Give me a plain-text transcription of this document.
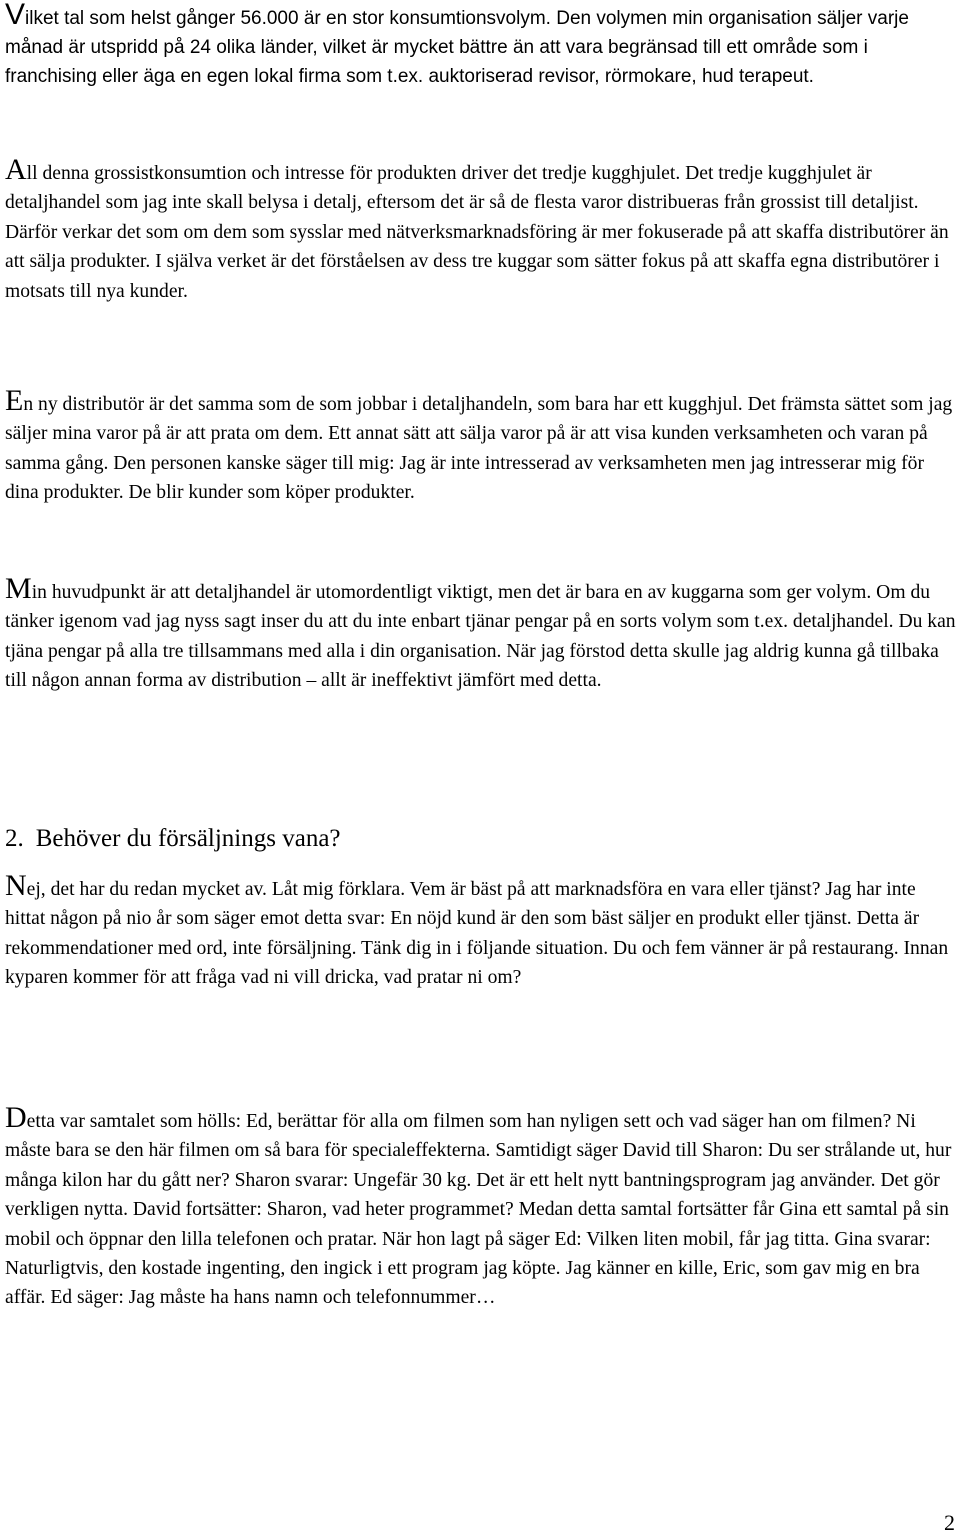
Vilket tal som helst gånger 56.000 är en stor konsumtionsvolym. Den volymen min organisation säljer varje månad är utspridd på 24 olika länder, vilket är mycket bättre än att vara begränsad till ett område som i franchising eller äga en egen lokal firma som t.ex. auktoriserad revisor, rörmokare, hud terapeut.

All denna grossistkonsumtion och intresse för produkten driver det tredje kugghjulet. Det tredje kugghjulet är detaljhandel som jag inte skall belysa i detalj, eftersom det är så de flesta varor distribueras från grossist till detaljist. Därför verkar det som om dem som sysslar med nätverksmarknadsföring är mer fokuserade på att skaffa distributörer än att sälja produkter. I själva verket är det förståelsen av dess tre kuggar som sätter fokus på att skaffa egna distributörer i motsats till nya kunder.

En ny distributör är det samma som de som jobbar i detaljhandeln, som bara har ett kugghjul. Det främsta sättet som jag säljer mina varor på är att prata om dem. Ett annat sätt att sälja varor på är att visa kunden verksamheten och varan på samma gång. Den personen kanske säger till mig: Jag är inte intresserad av verksamheten men jag intresserar mig för dina produkter. De blir kunder som köper produkter.

Min huvudpunkt är att detaljhandel är utomordentligt viktigt, men det är bara en av kuggarna som ger volym. Om du tänker igenom vad jag nyss sagt inser du att du inte enbart tjänar pengar på en sorts volym som t.ex. detaljhandel. Du kan tjäna pengar på alla tre tillsammans med alla i din organisation. När jag förstod detta skulle jag aldrig kunna gå tillbaka till någon annan forma av distribution – allt är ineffektivt jämfört med detta.

2. Behöver du försäljnings vana?

Nej, det har du redan mycket av. Låt mig förklara. Vem är bäst på att marknadsföra en vara eller tjänst? Jag har inte hittat någon på nio år som säger emot detta svar: En nöjd kund är den som bäst säljer en produkt eller tjänst. Detta är rekommendationer med ord, inte försäljning. Tänk dig in i följande situation. Du och fem vänner är på restaurang. Innan kyparen kommer för att fråga vad ni vill dricka, vad pratar ni om?

Detta var samtalet som hölls: Ed, berättar för alla om filmen som han nyligen sett och vad säger han om filmen? Ni måste bara se den här filmen om så bara för specialeffekterna. Samtidigt säger David till Sharon: Du ser strålande ut, hur många kilon har du gått ner? Sharon svarar: Ungefär 30 kg. Det är ett helt nytt bantningsprogram jag använder. Det gör verkligen nytta. David fortsätter: Sharon, vad heter programmet? Medan detta samtal fortsätter får Gina ett samtal på sin mobil och öppnar den lilla telefonen och pratar. När hon lagt på säger Ed: Vilken liten mobil, får jag titta. Gina svarar: Naturligtvis, den kostade ingenting, den ingick i ett program jag köpte. Jag känner en kille, Eric, som gav mig en bra affär. Ed säger: Jag måste ha hans namn och telefonnummer…

2
